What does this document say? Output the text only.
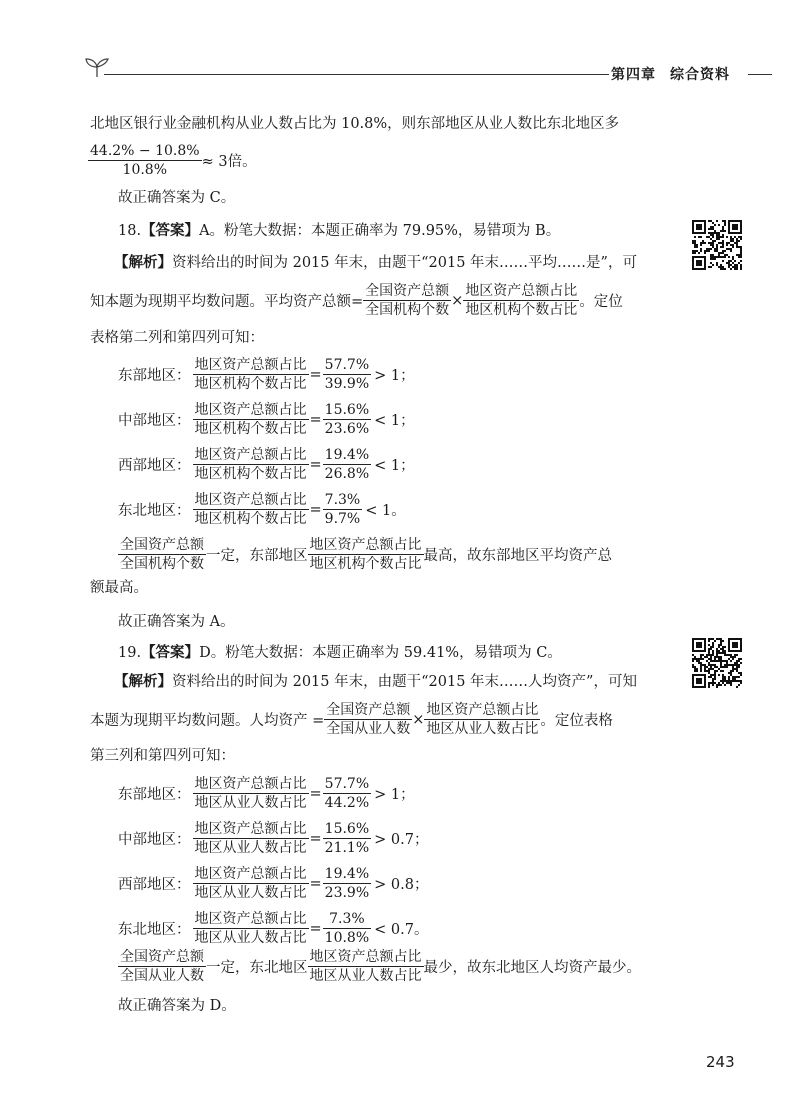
第四章 综合资料
北地区银行业金融机构从业人数占比为 10.8%，则东部地区从业人数比东北地区多
$\frac{44.2\% - 10.8\%}{10.8\%} \approx 3$倍。
故正确答案为 C。
18.【答案】A。粉笔大数据：本题正确率为 79.95%，易错项为 B。
【解析】资料给出的时间为 2015 年末，由题干“2015 年末……平均……是”，可
知本题为现期平均数问题。平均资产总额= $\frac{\text{全国资产总额}}{\text{全国机构个数}} \times \frac{\text{地区资产总额占比}}{\text{地区机构个数占比}}$ 。定位
表格第二列和第四列可知：
东部地区： $\frac{\text{地区资产总额占比}}{\text{地区机构个数占比}} = \frac{57.7\%}{39.9\%} > 1$；
中部地区： $\frac{\text{地区资产总额占比}}{\text{地区机构个数占比}} = \frac{15.6\%}{23.6\%} < 1$；
西部地区： $\frac{\text{地区资产总额占比}}{\text{地区机构个数占比}} = \frac{19.4\%}{26.8\%} < 1$；
东北地区： $\frac{\text{地区资产总额占比}}{\text{地区机构个数占比}} = \frac{7.3\%}{9.7\%} < 1$。
$\frac{\text{全国资产总额}}{\text{全国机构个数}}$ 一定，东部地区 $\frac{\text{地区资产总额占比}}{\text{地区机构个数占比}}$ 最高，故东部地区平均资产总
额最高。
故正确答案为 A。
19.【答案】D。粉笔大数据：本题正确率为 59.41%，易错项为 C。
【解析】资料给出的时间为 2015 年末，由题干“2015 年末……人均资产”，可知
本题为现期平均数问题。人均资产 = $\frac{\text{全国资产总额}}{\text{全国从业人数}} \times \frac{\text{地区资产总额占比}}{\text{地区从业人数占比}}$ 。定位表格
第三列和第四列可知：
东部地区： $\frac{\text{地区资产总额占比}}{\text{地区从业人数占比}} = \frac{57.7\%}{44.2\%} > 1$；
中部地区： $\frac{\text{地区资产总额占比}}{\text{地区从业人数占比}} = \frac{15.6\%}{21.1\%} > 0.7$；
西部地区： $\frac{\text{地区资产总额占比}}{\text{地区从业人数占比}} = \frac{19.4\%}{23.9\%} > 0.8$；
东北地区： $\frac{\text{地区资产总额占比}}{\text{地区从业人数占比}} = \frac{7.3\%}{10.8\%} < 0.7$。
$\frac{\text{全国资产总额}}{\text{全国从业人数}}$ 一定，东北地区 $\frac{\text{地区资产总额占比}}{\text{地区从业人数占比}}$ 最少，故东北地区人均资产最少。
故正确答案为 D。
243
